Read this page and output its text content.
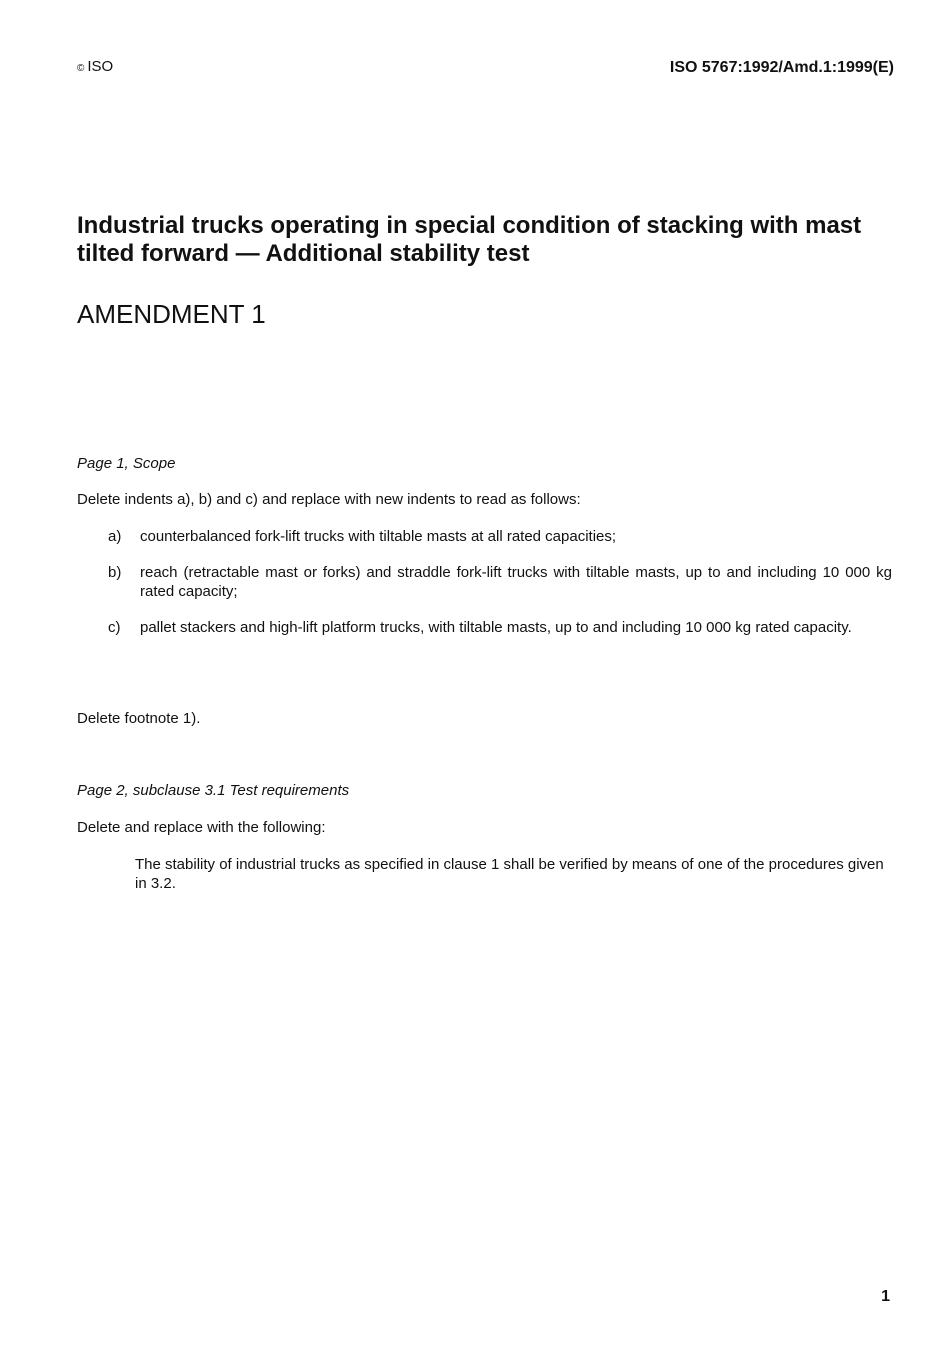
© ISO	ISO 5767:1992/Amd.1:1999(E)
Industrial trucks operating in special condition of stacking with mast tilted forward — Additional stability test
AMENDMENT 1
Page 1, Scope
Delete indents a), b) and c) and replace with new indents to read as follows:
a)	counterbalanced fork-lift trucks with tiltable masts at all rated capacities;
b)	reach (retractable mast or forks) and straddle fork-lift trucks with tiltable masts, up to and including 10 000 kg rated capacity;
c)	pallet stackers and high-lift platform trucks, with tiltable masts, up to and including 10 000 kg rated capacity.
Delete footnote 1).
Page 2, subclause 3.1 Test requirements
Delete and replace with the following:
The stability of industrial trucks as specified in clause 1 shall be verified by means of one of the procedures given in 3.2.
1
